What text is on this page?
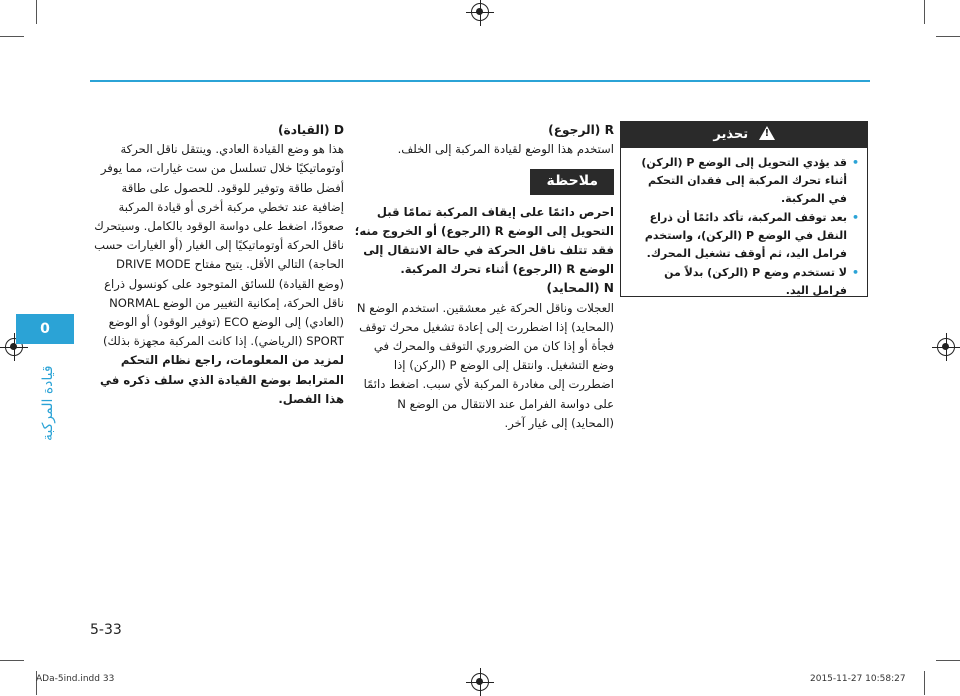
0
قيادة المركبة

R (الرجوع)

استخدم هذا الوضع لقيادة المركبة إلى الخلف.

ملاحظة

احرص دائمًا على إيقاف المركبة تمامًا قبل التحويل إلى الوضع R (الرجوع) أو الخروج منه؛ فقد تتلف ناقل الحركة في حالة الانتقال إلى الوضع R (الرجوع) أثناء تحرك المركبة.

N (المحايد)

العجلات وناقل الحركة غير معشقين. استخدم الوضع N (المحايد) إذا اضطررت إلى إعادة تشغيل محرك توقف فجأة أو إذا كان من الضروري التوقف والمحرك في وضع التشغيل. وانتقل إلى الوضع P (الركن) إذا اضطررت إلى مغادرة المركبة لأي سبب. اضغط دائمًا على دواسة الفرامل عند الانتقال من الوضع N (المحايد) إلى غيار آخر.

D (القيادة)

هذا هو وضع القيادة العادي. وينتقل ناقل الحركة أوتوماتيكيًا خلال تسلسل من ست غيارات، مما يوفر أفضل طاقة وتوفير للوقود. للحصول على طاقة إضافية عند تخطي مركبة أخرى أو قيادة المركبة صعودًا، اضغط على دواسة الوقود بالكامل. وسيتحرك ناقل الحركة أوتوماتيكيًا إلى الغيار (أو الغيارات حسب الحاجة) التالي الأقل. يتيح مفتاح DRIVE MODE (وضع القيادة) للسائق المتوجود على كونسول ذراع ناقل الحركة، إمكانية التغيير من الوضع NORMAL (العادي) إلى الوضع ECO (توفير الوقود) أو الوضع SPORT (الرياضي). إذا كانت المركبة مجهزة بذلك)

لمزيد من المعلومات، راجع نظام التحكم المترابط بوضع القيادة الذي سلف ذكره في هذا الفصل.

! تحذير
• قد يؤدي التحويل إلى الوضع P (الركن) أثناء تحرك المركبة إلى فقدان التحكم في المركبة.
• بعد توقف المركبة، تأكد دائمًا أن ذراع النقل في الوضع P (الركن)، واستخدم فرامل اليد، ثم أوقف تشغيل المحرك.
• لا تستخدم وضع P (الركن) بدلاً من فرامل اليد.
5-33
ADa-5ind.indd 33	2015-11-27 10:58:27
